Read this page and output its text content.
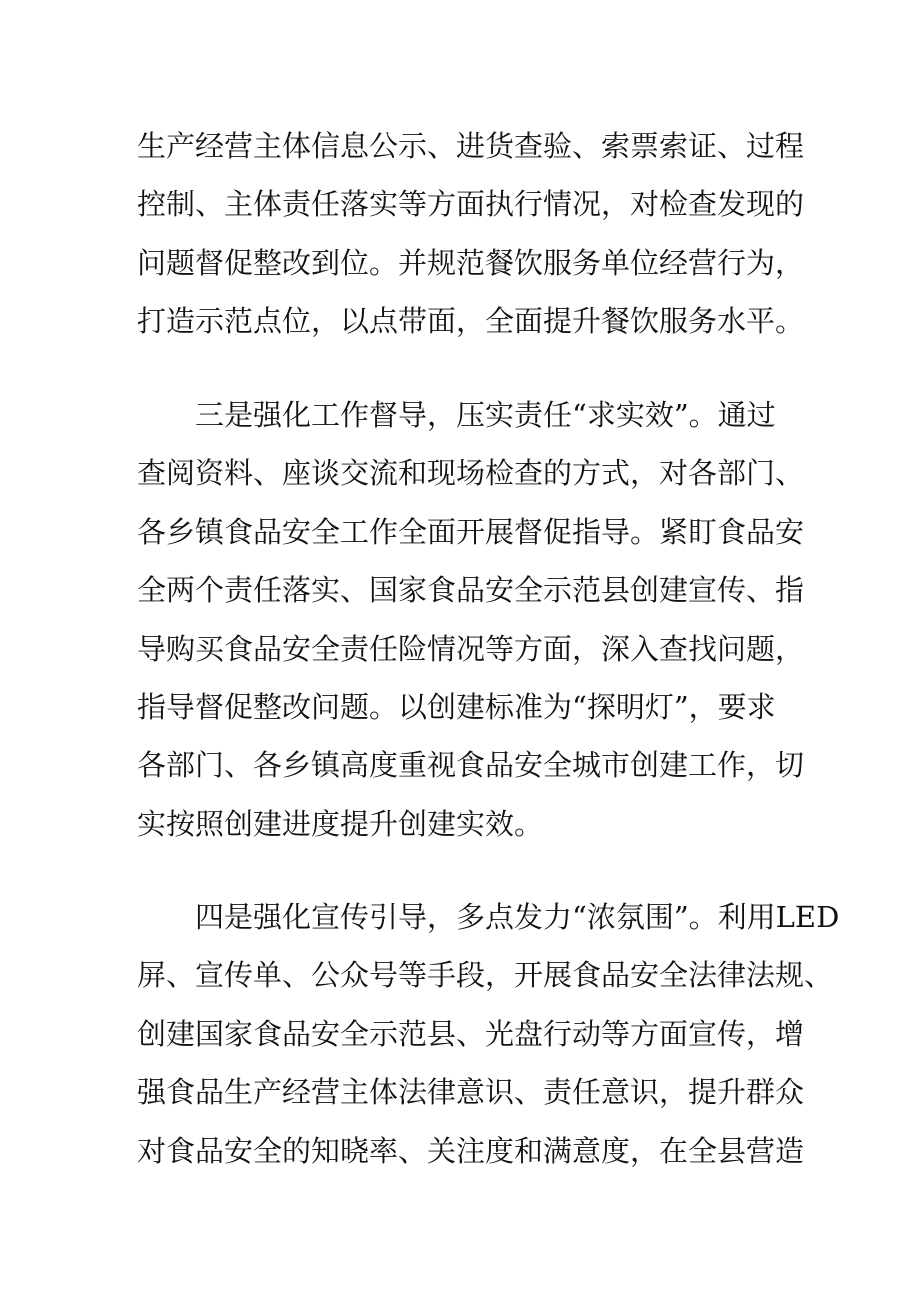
生产经营主体信息公示、进货查验、索票索证、过程
控制、主体责任落实等方面执行情况，对检查发现的
问题督促整改到位。并规范餐饮服务单位经营行为，
打造示范点位，以点带面，全面提升餐饮服务水平。
三是强化工作督导，压实责任“求实效”。通过
查阅资料、座谈交流和现场检查的方式，对各部门、
各乡镇食品安全工作全面开展督促指导。紧盯食品安
全两个责任落实、国家食品安全示范县创建宣传、指
导购买食品安全责任险情况等方面，深入查找问题，
指导督促整改问题。以创建标准为“探明灯”，要求
各部门、各乡镇高度重视食品安全城市创建工作，切
实按照创建进度提升创建实效。
四是强化宣传引导，多点发力“浓氛围”。利用LED
屏、宣传单、公众号等手段，开展食品安全法律法规、
创建国家食品安全示范县、光盘行动等方面宣传，增
强食品生产经营主体法律意识、责任意识，提升群众
对食品安全的知晓率、关注度和满意度，在全县营造
